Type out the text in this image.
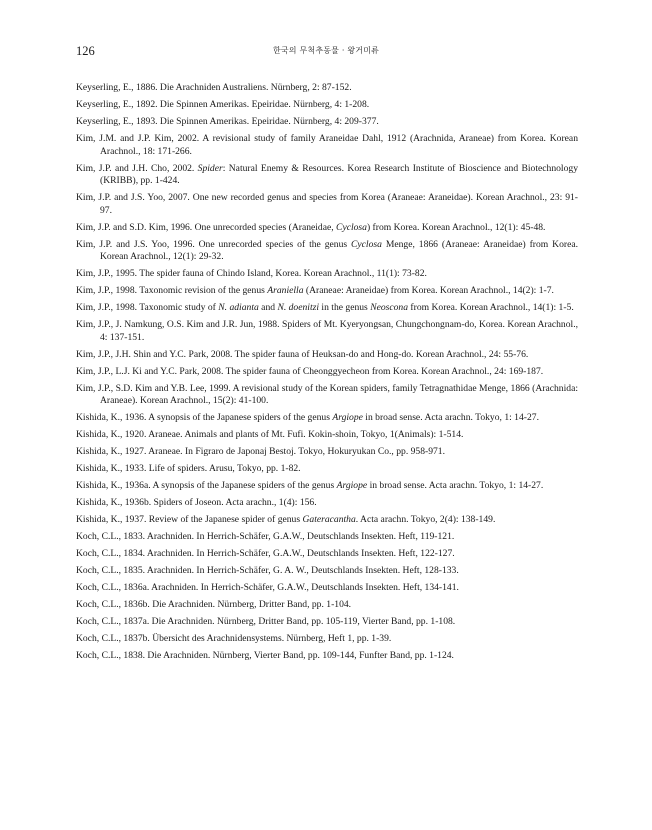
126	한국의 무척추동물 · 왕거미류
Keyserling, E., 1886. Die Arachniden Australiens. Nürnberg, 2: 87-152.
Keyserling, E., 1892. Die Spinnen Amerikas. Epeiridae. Nürnberg, 4: 1-208.
Keyserling, E., 1893. Die Spinnen Amerikas. Epeiridae. Nürnberg, 4: 209-377.
Kim, J.M. and J.P. Kim, 2002. A revisional study of family Araneidae Dahl, 1912 (Arachnida, Araneae) from Korea. Korean Arachnol., 18: 171-266.
Kim, J.P. and J.H. Cho, 2002. Spider: Natural Enemy & Resources. Korea Research Institute of Bioscience and Biotechnology (KRIBB), pp. 1-424.
Kim, J.P. and J.S. Yoo, 2007. One new recorded genus and species from Korea (Araneae: Araneidae). Korean Arachnol., 23: 91-97.
Kim, J.P. and S.D. Kim, 1996. One unrecorded species (Araneidae, Cyclosa) from Korea. Korean Arachnol., 12(1): 45-48.
Kim, J.P. and J.S. Yoo, 1996. One unrecorded species of the genus Cyclosa Menge, 1866 (Araneae: Araneidae) from Korea. Korean Arachnol., 12(1): 29-32.
Kim, J.P., 1995. The spider fauna of Chindo Island, Korea. Korean Arachnol., 11(1): 73-82.
Kim, J.P., 1998. Taxonomic revision of the genus Araniella (Araneae: Araneidae) from Korea. Korean Arachnol., 14(2): 1-7.
Kim, J.P., 1998. Taxonomic study of N. adianta and N. doenitzi in the genus Neoscona from Korea. Korean Arachnol., 14(1): 1-5.
Kim, J.P., J. Namkung, O.S. Kim and J.R. Jun, 1988. Spiders of Mt. Kyeryongsan, Chungchongnam-do, Korea. Korean Arachnol., 4: 137-151.
Kim, J.P., J.H. Shin and Y.C. Park, 2008. The spider fauna of Heuksan-do and Hong-do. Korean Arachnol., 24: 55-76.
Kim, J.P., L.J. Ki and Y.C. Park, 2008. The spider fauna of Cheonggyecheon from Korea. Korean Arachnol., 24: 169-187.
Kim, J.P., S.D. Kim and Y.B. Lee, 1999. A revisional study of the Korean spiders, family Tetragnathidae Menge, 1866 (Arachnida: Araneae). Korean Arachnol., 15(2): 41-100.
Kishida, K., 1936. A synopsis of the Japanese spiders of the genus Argiope in broad sense. Acta arachn. Tokyo, 1: 14-27.
Kishida, K., 1920. Araneae. Animals and plants of Mt. Fufi. Kokin-shoin, Tokyo, 1(Animals): 1-514.
Kishida, K., 1927. Araneae. In Figraro de Japonaj Bestoj. Tokyo, Hokuryukan Co., pp. 958-971.
Kishida, K., 1933. Life of spiders. Arusu, Tokyo, pp. 1-82.
Kishida, K., 1936a. A synopsis of the Japanese spiders of the genus Argiope in broad sense. Acta arachn. Tokyo, 1: 14-27.
Kishida, K., 1936b. Spiders of Joseon. Acta arachn., 1(4): 156.
Kishida, K., 1937. Review of the Japanese spider of genus Gateracantha. Acta arachn. Tokyo, 2(4): 138-149.
Koch, C.L., 1833. Arachniden. In Herrich-Schäfer, G.A.W., Deutschlands Insekten. Heft, 119-121.
Koch, C.L., 1834. Arachniden. In Herrich-Schäfer, G.A.W., Deutschlands Insekten. Heft, 122-127.
Koch, C.L., 1835. Arachniden. In Herrich-Schäfer, G. A. W., Deutschlands Insekten. Heft, 128-133.
Koch, C.L., 1836a. Arachniden. In Herrich-Schäfer, G.A.W., Deutschlands Insekten. Heft, 134-141.
Koch, C.L., 1836b. Die Arachniden. Nürnberg, Dritter Band, pp. 1-104.
Koch, C.L., 1837a. Die Arachniden. Nürnberg, Dritter Band, pp. 105-119, Vierter Band, pp. 1-108.
Koch, C.L., 1837b. Übersicht des Arachnidensystems. Nürnberg, Heft 1, pp. 1-39.
Koch, C.L., 1838. Die Arachniden. Nürnberg, Vierter Band, pp. 109-144, Funfter Band, pp. 1-124.
